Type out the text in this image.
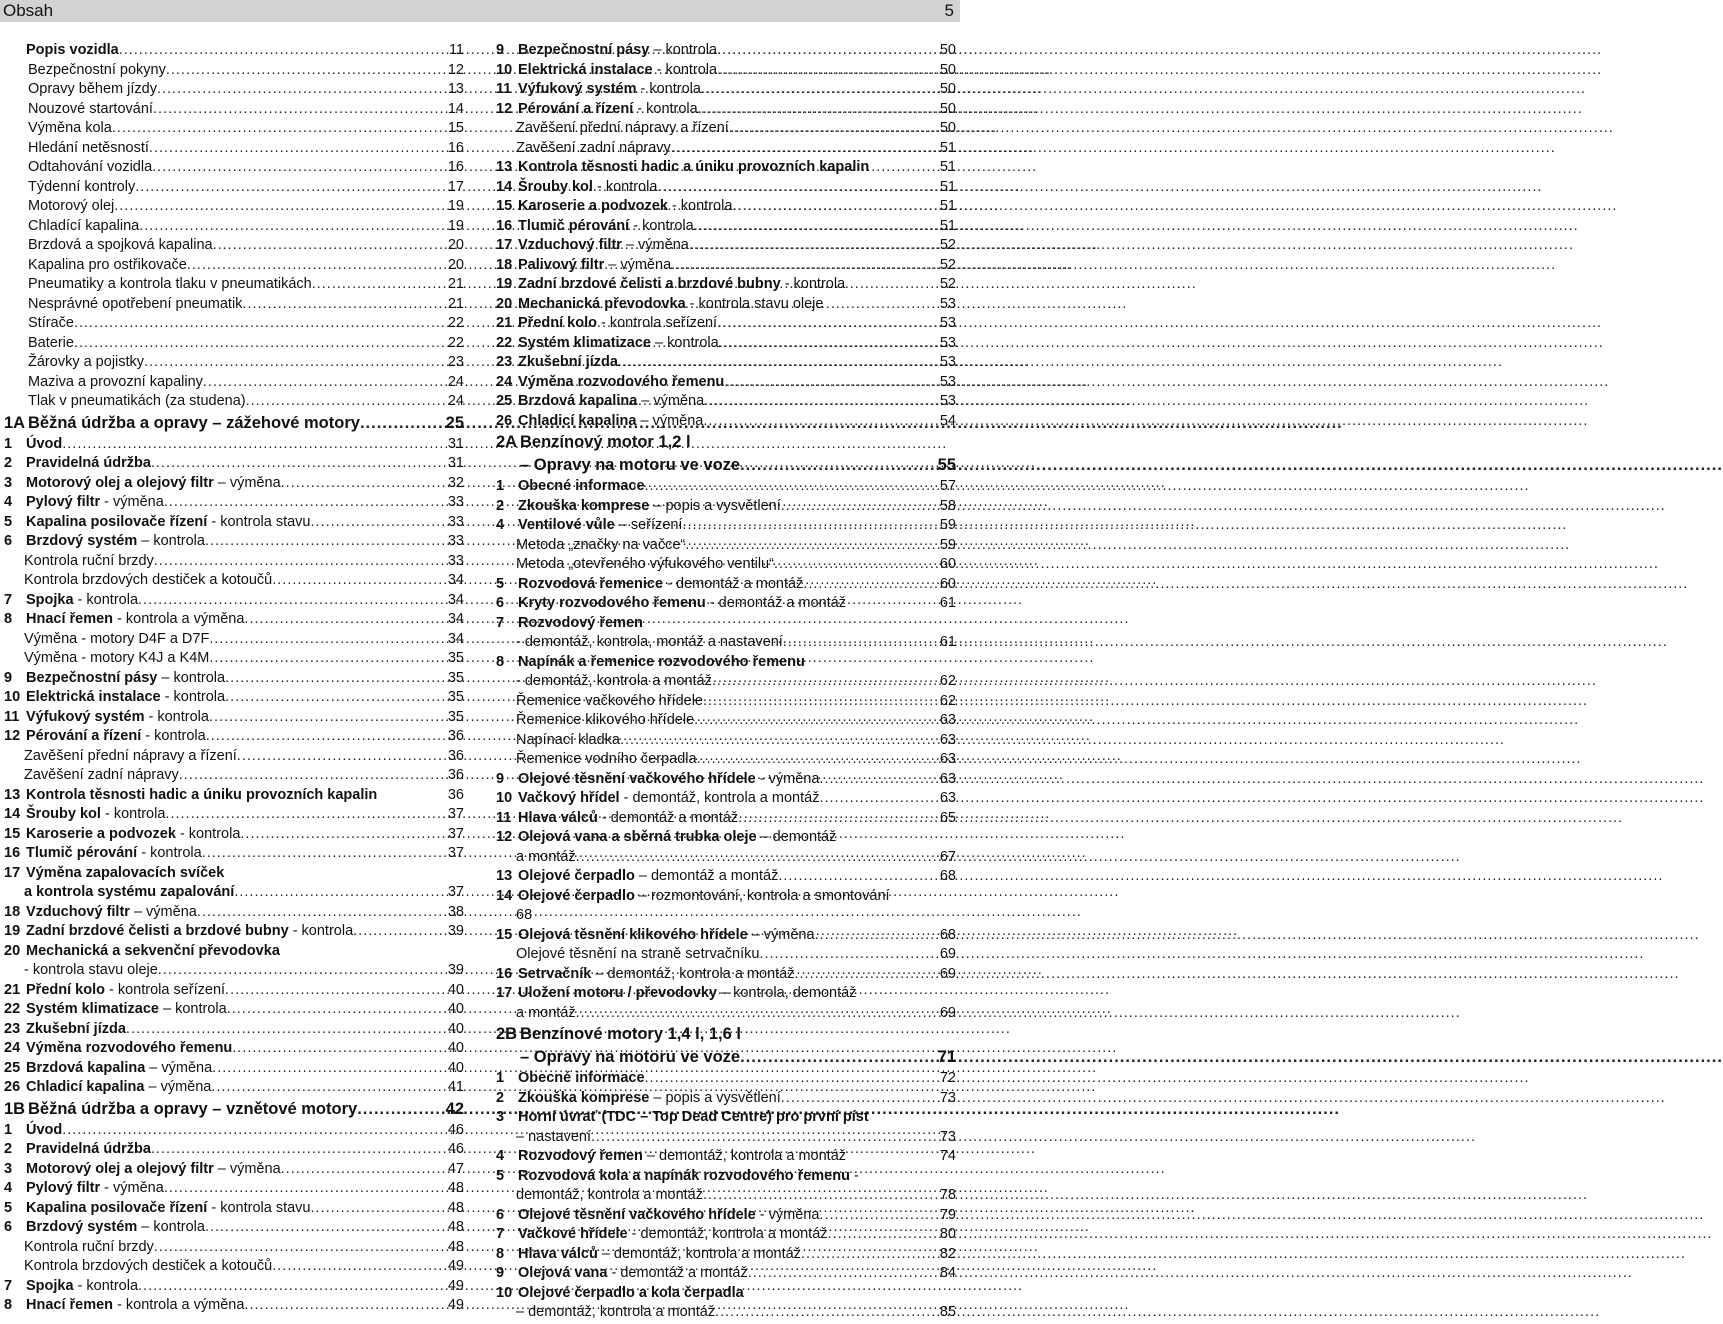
Obsah	5
Popis vozidla .....	11
Bezpečnostní pokyny .....	12
Opravy během jízdy .....	13
Nouzové startování .....	14
Výměna kola .....	15
Hledání netěsností .....	16
Odtahování vozidla .....	16
Týdenní kontroly .....	17
Motorový olej .....	19
Chladící kapalina .....	19
Brzdová a spojková kapalina .....	20
Kapalina pro ostřikovače .....	20
Pneumatiky a kontrola tlaku v pneumatikách .....	21
Nesprávné opotřebení pneumatik .....	21
Stírače .....	22
Baterie .....	22
Žárovky a pojistky .....	23
Maziva a provozní kapaliny .....	24
Tlak v pneumatikách (za studena) .....	24
1A Běžná údržba a opravy – zážehové motory .....	25
1 Úvod .....	31
2 Pravidelná údržba .....	31
3 Motorový olej a olejový filtr – výměna .....	32
4 Pylový filtr - výměna .....	33
5 Kapalina posilovače řízení - kontrola stavu .....	33
6 Brzdový systém – kontrola .....	33
Kontrola ruční brzdy .....	33
Kontrola brzdových destiček a kotoučů .....	34
7 Spojka - kontrola .....	34
8 Hnací řemen - kontrola a výměna .....	34
Výměna - motory D4F a D7F .....	34
Výměna - motory K4J a K4M .....	35
9 Bezpečnostní pásy – kontrola .....	35
10 Elektrická instalace - kontrola .....	35
11 Výfukový systém - kontrola .....	35
12 Pérování a řízení - kontrola .....	36
Zavěšení přední nápravy a řízení .....	36
Zavěšení zadní nápravy .....	36
13 Kontrola těsnosti hadic a úniku provozních kapalin	36
14 Šrouby kol - kontrola .....	37
15 Karoserie a podvozek - kontrola .....	37
16 Tlumič pérování - kontrola .....	37
17 Výměna zapalovacích svíček
a kontrola systému zapalování .....	37
18 Vzduchový filtr – výměna .....	38
19 Zadní brzdové čelisti a brzdové bubny - kontrola .....	39
20 Mechanická a sekvenční převodovka
- kontrola stavu oleje .....	39
21 Přední kolo - kontrola seřízení .....	40
22 Systém klimatizace – kontrola .....	40
23 Zkušební jízda .....	40
24 Výměna rozvodového řemenu .....	40
25 Brzdová kapalina – výměna .....	40
26 Chladicí kapalina – výměna .....	41
1B Běžná údržba a opravy – vznětové motory .....	42
1 Úvod .....	46
2 Pravidelná údržba .....	46
3 Motorový olej a olejový filtr – výměna .....	47
4 Pylový filtr - výměna .....	48
5 Kapalina posilovače řízení - kontrola stavu .....	48
6 Brzdový systém – kontrola .....	48
Kontrola ruční brzdy .....	48
Kontrola brzdových destiček a kotoučů .....	49
7 Spojka - kontrola .....	49
8 Hnací řemen - kontrola a výměna .....	49
9 Bezpečnostní pásy – kontrola .....	50
10 Elektrická instalace - kontrola .....	50
11 Výfukový systém - kontrola .....	50
12 Pérování a řízení - kontrola .....	50
Zavěšení přední nápravy a řízení .....	50
Zavěšení zadní nápravy .....	51
13 Kontrola těsnosti hadic a úniku provozních kapalin	51
14 Šrouby kol - kontrola .....	51
15 Karoserie a podvozek - kontrola .....	51
16 Tlumič pérování - kontrola .....	51
17 Vzduchový filtr – výměna .....	52
18 Palivový filtr – výměna .....	52
19 Zadní brzdové čelisti a brzdové bubny - kontrola	52
20 Mechanická převodovka - kontrola stavu oleje	53
21 Přední kolo - kontrola seřízení .....	53
22 Systém klimatizace – kontrola .....	53
23 Zkušební jízda .....	53
24 Výměna rozvodového řemenu .....	53
25 Brzdová kapalina – výměna .....	53
26 Chladicí kapalina – výměna .....	54
2A Benzínový motor 1,2 l
– Opravy na motoru ve voze .....	55
1 Obecné informace .....	57
2 Zkouška komprese – popis a vysvětlení .....	58
4 Ventilové vůle – seřízení .....	59
Metoda „značky na vačce“ .....	59
Metoda „otevřeného výfukového ventilu“ .....	60
5 Rozvodová řemenice - demontáž a montáž .....	60
6 Kryty rozvodového řemenu - demontáž a montáž	61
7 Rozvodový řemen
- demontáž, kontrola, montáž a nastavení .....	61
8 Napínák a řemenice rozvodového řemenu
- demontáž, kontrola a montáž .....	62
Řemenice vačkového hřídele .....	62
Řemenice klikového hřídele .....	63
Napínací kladka .....	63
Řemenice vodního čerpadla .....	63
9 Olejové těsnění vačkového hřídele - výměna .....	63
10 Vačkový hřídel - demontáž, kontrola a montáž .....	63
11 Hlava válců - demontáž a montáž .....	65
12 Olejová vana a sběrná trubka oleje – demontáž
a montáž .....	67
13 Olejové čerpadlo – demontáž a montáž .....	68
14 Olejové čerpadlo – rozmontování, kontrola a smontování
68
15 Olejová těsnění klikového hřídele – výměna .....	68
Olejové těsnění na straně setrvačníku .....	69
16 Setrvačník – demontáž, kontrola a montáž .....	69
17 Uložení motoru / převodovky – kontrola, demontáž
a montáž .....	69
2B Benzínové motory 1,4 l, 1,6 l
– Opravy na motoru ve voze .....	71
1 Obecné informace .....	72
2 Zkouška komprese – popis a vysvětlení .....	73
3 Horní úvrať (TDC – Top Dead Centre) pro první píst
– nastavení .....	73
4 Rozvodový řemen – demontáž, kontrola a montáž	74
5 Rozvodová kola a napínák rozvodového řemenu -
demontáž, kontrola a montáž .....	78
6 Olejové těsnění vačkového hřídele - výměna .....	79
7 Vačkové hřídele - demontáž, kontrola a montáž .....	80
8 Hlava válců – demontáž, kontrola a montáž .....	82
9 Olejová vana - demontáž a montáž .....	84
10 Olejové čerpadlo a kola čerpadla
– demontáž, kontrola a montáž .....	85
